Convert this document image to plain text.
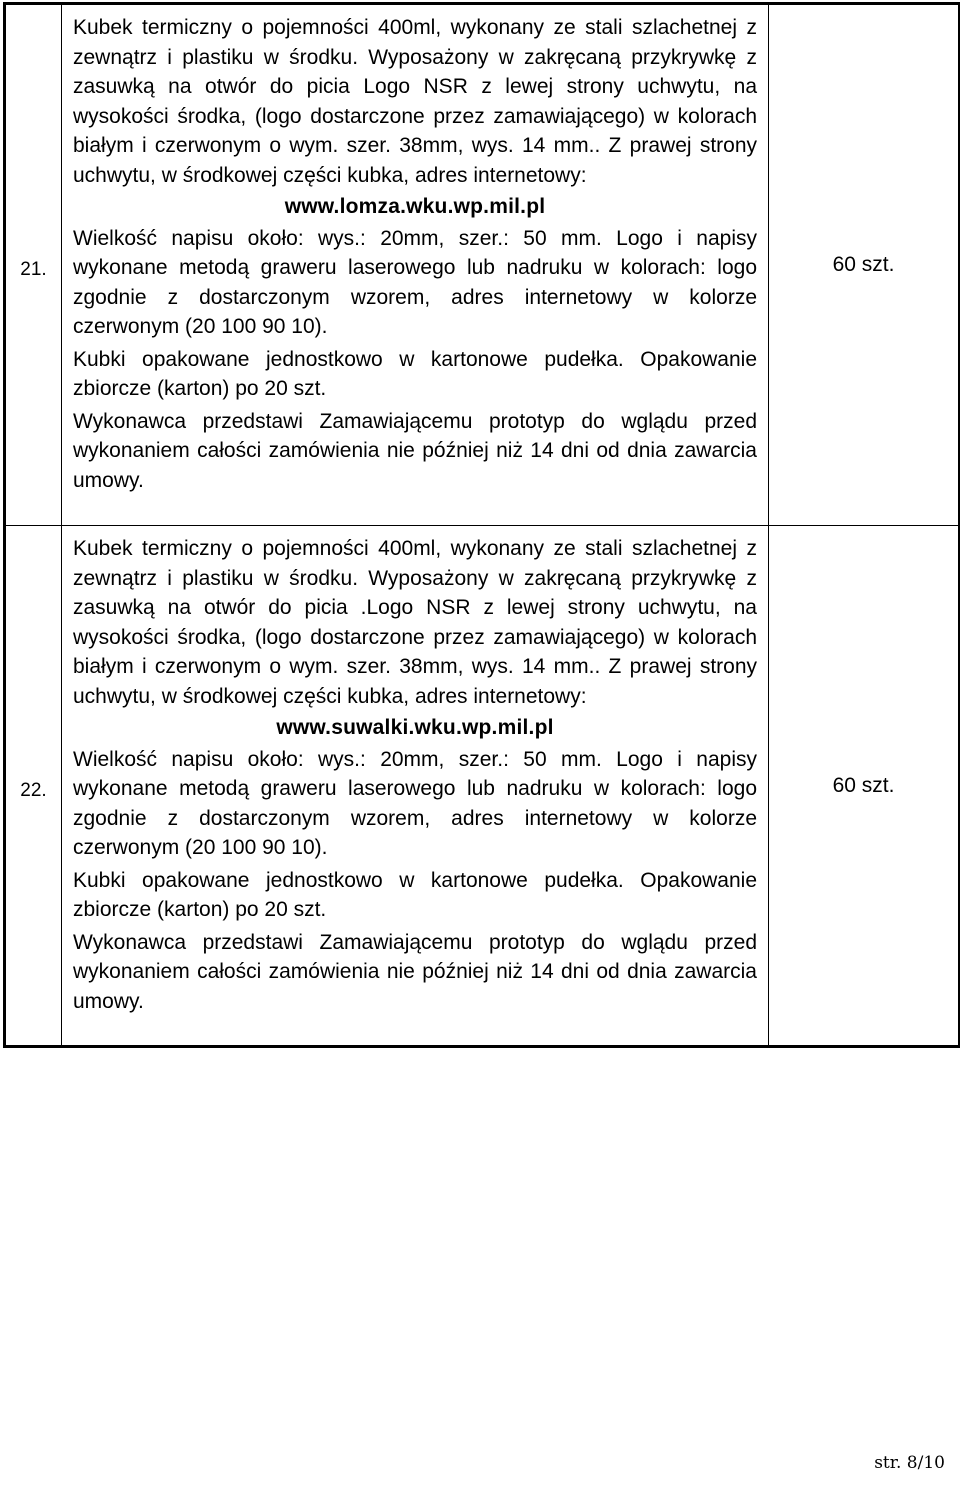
21.	Kubek termiczny o pojemności 400ml, wykonany ze stali szlachetnej z zewnątrz i plastiku w środku. Wyposażony w zakręcaną przykrywkę z zasuwką na otwór do picia Logo NSR z lewej strony uchwytu, na wysokości środka, (logo dostarczone przez zamawiającego) w kolorach białym i czerwonym o wym. szer. 38mm, wys. 14 mm.. Z prawej strony uchwytu, w środkowej części kubka, adres internetowy:

www.lomza.wku.wp.mil.pl

Wielkość napisu około: wys.: 20mm, szer.: 50 mm. Logo i napisy wykonane metodą graweru laserowego lub nadruku w kolorach: logo zgodnie z dostarczonym wzorem, adres internetowy w kolorze czerwonym (20 100 90 10).

Kubki opakowane jednostkowo w kartonowe pudełka. Opakowanie zbiorcze (karton) po 20 szt.

Wykonawca przedstawi Zamawiającemu prototyp do wglądu przed wykonaniem całości zamówienia nie później niż 14 dni od dnia zawarcia umowy.	60 szt.
22.	Kubek termiczny o pojemności 400ml, wykonany ze stali szlachetnej z zewnątrz i plastiku w środku. Wyposażony w zakręcaną przykrywkę z zasuwką na otwór do picia .Logo NSR z lewej strony uchwytu, na wysokości środka, (logo dostarczone przez zamawiającego) w kolorach białym i czerwonym o wym. szer. 38mm, wys. 14 mm.. Z prawej strony uchwytu, w środkowej części kubka, adres internetowy:

www.suwalki.wku.wp.mil.pl

Wielkość napisu około: wys.: 20mm, szer.: 50 mm. Logo i napisy wykonane metodą graweru laserowego lub nadruku w kolorach: logo zgodnie z dostarczonym wzorem, adres internetowy w kolorze czerwonym (20 100 90 10).

Kubki opakowane jednostkowo w kartonowe pudełka. Opakowanie zbiorcze (karton) po 20 szt.

Wykonawca przedstawi Zamawiającemu prototyp do wglądu przed wykonaniem całości zamówienia nie później niż 14 dni od dnia zawarcia umowy.	60 szt.
str. 8/10
